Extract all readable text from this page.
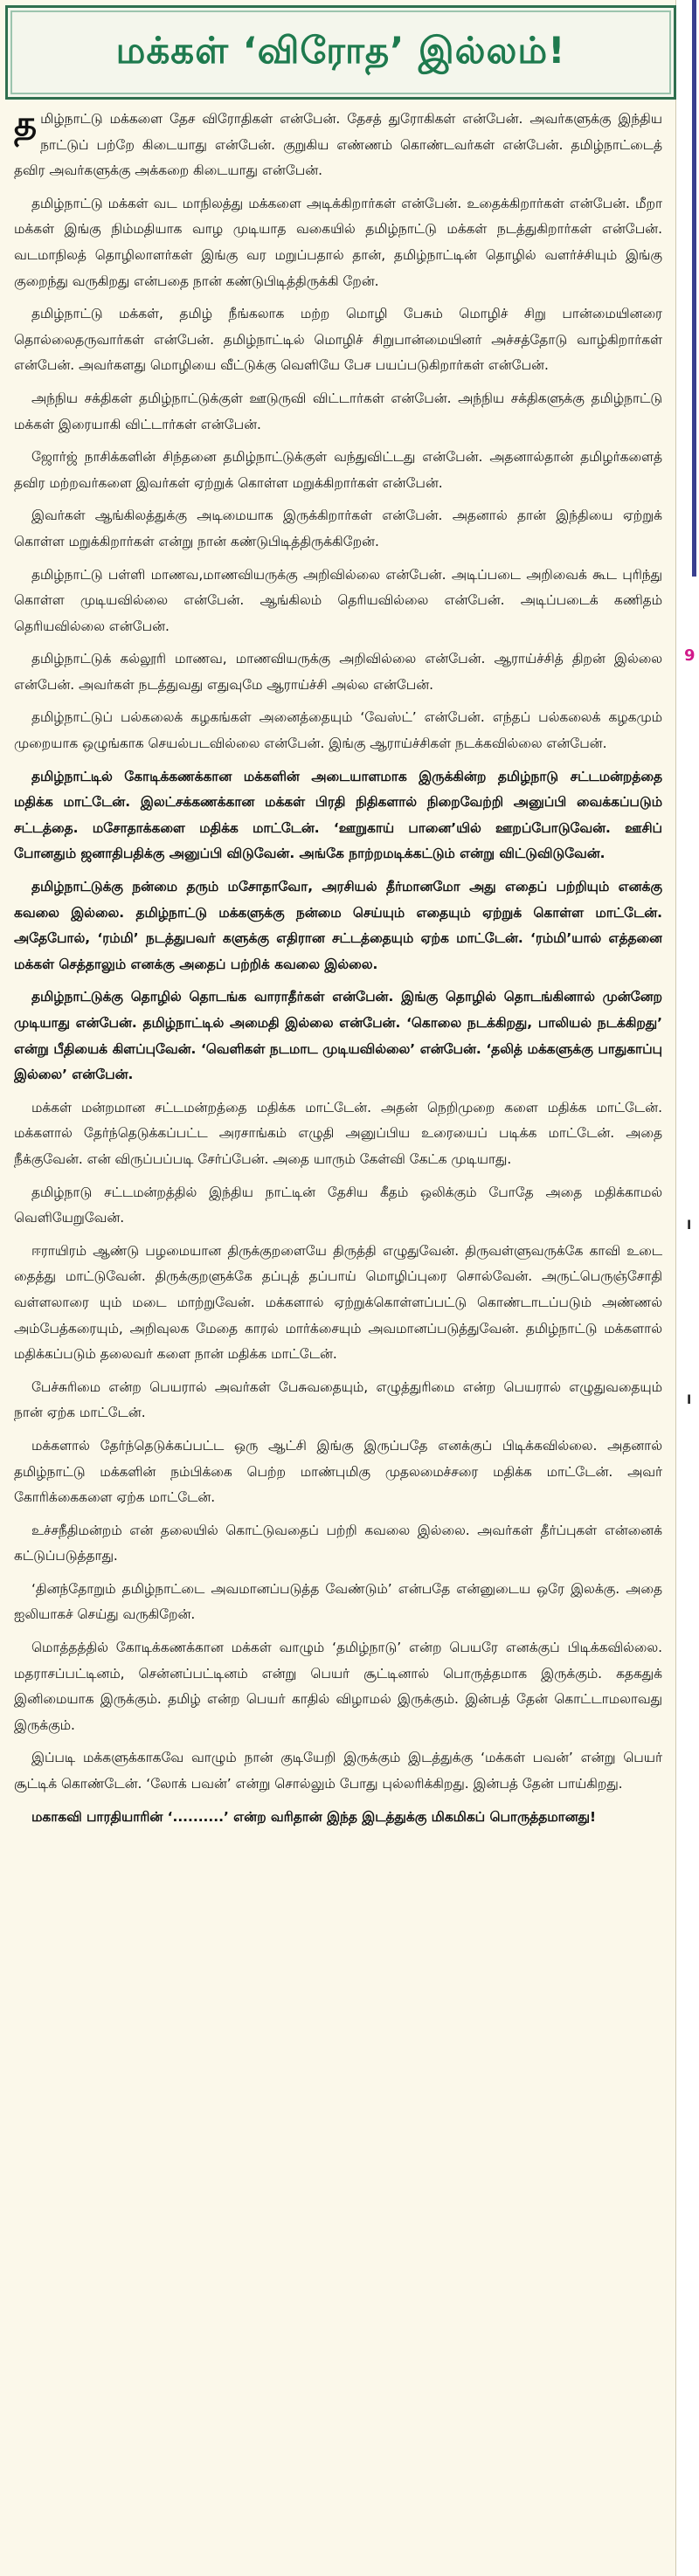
மக்கள் ‘விரோத’ இல்லம்!

தமிழ்நாட்டு மக்களை தேச விரோதிகள் என்பேன். தேசத் துரோகிகள் என்பேன். அவர்களுக்கு இந்திய நாட்டுப் பற்றே கிடையாது என்பேன். குறுகிய எண்ணம் கொண்டவர்கள் என்பேன். தமிழ்நாட்டைத் தவிர அவர்களுக்கு அக்கறை கிடையாது என்பேன்.

தமிழ்நாட்டு மக்கள் வட மாநிலத்து மக்களை அடிக்கிறார்கள் என்பேன். உதைக்கிறார்கள் என்பேன். மீறா மக்கள் இங்கு நிம்மதியாக வாழ முடியாத வகையில் தமிழ்நாட்டு மக்கள் நடத்துகிறார்கள் என்பேன். வடமாநிலத் தொழிலாளர்கள் இங்கு வர மறுப்பதால் தான், தமிழ்நாட்டின் தொழில் வளர்ச்சியும் இங்கு குறைந்து வருகிறது என்பதை நான் கண்டுபிடித்திருக்கி றேன்.

தமிழ்நாட்டு மக்கள், தமிழ் நீங்கலாக மற்ற மொழி பேசும் மொழிச் சிறு பான்மையினரை தொல்லைதருவார்கள் என்பேன். தமிழ்நாட்டில் மொழிச் சிறுபான்மையினர் அச்சத்தோடு வாழ்கிறார்கள் என்பேன். அவர்களது மொழியை வீட்டுக்கு வெளியே பேச பயப்படுகிறார்கள் என்பேன்.

அந்நிய சக்திகள் தமிழ்நாட்டுக்குள் ஊடுருவி விட்டார்கள் என்பேன். அந்நிய சக்திகளுக்கு தமிழ்நாட்டு மக்கள் இரையாகி விட்டார்கள் என்பேன்.

ஜோர்ஜ் நாசிக்களின் சிந்தனை தமிழ்நாட்டுக்குள் வந்துவிட்டது என்பேன். அதனால்தான் தமிழர்களைத் தவிர மற்றவர்களை இவர்கள் ஏற்றுக் கொள்ள மறுக்கிறார்கள் என்பேன்.

இவர்கள் ஆங்கிலத்துக்கு அடிமையாக இருக்கிறார்கள் என்பேன். அதனால் தான் இந்தியை ஏற்றுக் கொள்ள மறுக்கிறார்கள் என்று நான் கண்டுபிடித்திருக்கிறேன்.

தமிழ்நாட்டு பள்ளி மாணவ,மாணவியருக்கு அறிவில்லை என்பேன். அடிப்படை அறிவைக் கூட புரிந்து கொள்ள முடியவில்லை என்பேன். ஆங்கிலம் தெரியவில்லை என்பேன். அடிப்படைக் கணிதம் தெரியவில்லை என்பேன்.

தமிழ்நாட்டுக் கல்லூரி மாணவ, மாணவியருக்கு அறிவில்லை என்பேன். ஆராய்ச்சித் திறன் இல்லை என்பேன். அவர்கள் நடத்துவது எதுவுமே ஆராய்ச்சி அல்ல என்பேன்.

தமிழ்நாட்டுப் பல்கலைக் கழகங்கள் அனைத்தையும் ‘வேஸ்ட்’ என்பேன். எந்தப் பல்கலைக் கழகமும் முறையாக ஒழுங்காக செயல்படவில்லை என்பேன். இங்கு ஆராய்ச்சிகள் நடக்கவில்லை என்பேன்.

தமிழ்நாட்டில் கோடிக்கணக்கான மக்களின் அடையாளமாக இருக்கின்ற தமிழ்நாடு சட்டமன்றத்தை மதிக்க மாட்டேன். இலட்சக்கணக்கான மக்கள் பிரதி நிதிகளால் நிறைவேற்றி அனுப்பி வைக்கப்படும் சட்டத்தை. மசோதாக்களை மதிக்க மாட்டேன். ‘ஊறுகாய் பானை’யில் ஊறப்போடுவேன். ஊசிப் போனதும் ஜனாதிபதிக்கு அனுப்பி விடுவேன். அங்கே நாற்றமடிக்கட்டும் என்று விட்டுவிடுவேன்.

தமிழ்நாட்டுக்கு நன்மை தரும் மசோதாவோ, அரசியல் தீர்மானமோ அது எதைப் பற்றியும் எனக்கு கவலை இல்லை. தமிழ்நாட்டு மக்களுக்கு நன்மை செய்யும் எதையும் ஏற்றுக் கொள்ள மாட்டேன். அதேபோல், ‘ரம்மி’ நடத்துபவர் களுக்கு எதிரான சட்டத்தையும் ஏற்க மாட்டேன். ‘ரம்மி’யால் எத்தனை மக்கள் செத்தாலும் எனக்கு அதைப் பற்றிக் கவலை இல்லை.

தமிழ்நாட்டுக்கு தொழில் தொடங்க வாராதீர்கள் என்பேன். இங்கு தொழில் தொடங்கினால் முன்னேற முடியாது என்பேன். தமிழ்நாட்டில் அமைதி இல்லை என்பேன். ‘கொலை நடக்கிறது, பாலியல் நடக்கிறது’ என்று பீதியைக் கிளப்புவேன். ‘வெளிகள் நடமாட முடியவில்லை’ என்பேன். ‘தலித் மக்களுக்கு பாதுகாப்பு இல்லை’ என்பேன்.

மக்கள் மன்றமான சட்டமன்றத்தை மதிக்க மாட்டேன். அதன் நெறிமுறை களை மதிக்க மாட்டேன். மக்களால் தேர்ந்தெடுக்கப்பட்ட அரசாங்கம் எழுதி அனுப்பிய உரையைப் படிக்க மாட்டேன். அதை நீக்குவேன். என் விருப்பப்படி சேர்ப்பேன். அதை யாரும் கேள்வி கேட்க முடியாது.

தமிழ்நாடு சட்டமன்றத்தில் இந்திய நாட்டின் தேசிய கீதம் ஒலிக்கும் போதே அதை மதிக்காமல் வெளியேறுவேன்.

ஈராயிரம் ஆண்டு பழமையான திருக்குறளையே திருத்தி எழுதுவேன். திருவள்ளுவருக்கே காவி உடை தைத்து மாட்டுவேன். திருக்குறளுக்கே தப்புத் தப்பாய் மொழிப்புரை சொல்வேன். அருட்பெருஞ்சோதி வள்ளலாரை யும் மடை மாற்றுவேன். மக்களால் ஏற்றுக்கொள்ளப்பட்டு கொண்டாடப்படும் அண்ணல் அம்பேத்கரையும், அறிவுலக மேதை காரல் மார்க்சையும் அவமானப்படுத்துவேன். தமிழ்நாட்டு மக்களால் மதிக்கப்படும் தலைவர் களை நான் மதிக்க மாட்டேன்.

பேச்சுரிமை என்ற பெயரால் அவர்கள் பேசுவதையும், எழுத்துரிமை என்ற பெயரால் எழுதுவதையும் நான் ஏற்க மாட்டேன்.

மக்களால் தேர்ந்தெடுக்கப்பட்ட ஒரு ஆட்சி இங்கு இருப்பதே எனக்குப் பிடிக்கவில்லை. அதனால் தமிழ்நாட்டு மக்களின் நம்பிக்கை பெற்ற மாண்புமிகு முதலமைச்சரை மதிக்க மாட்டேன். அவர் கோரிக்கைகளை ஏற்க மாட்டேன்.

உச்சநீதிமன்றம் என் தலையில் கொட்டுவதைப் பற்றி கவலை இல்லை. அவர்கள் தீர்ப்புகள் என்னைக் கட்டுப்படுத்தாது.

‘தினந்தோறும் தமிழ்நாட்டை அவமானப்படுத்த வேண்டும்’ என்பதே என்னுடைய ஒரே இலக்கு. அதை ஐலியாகச் செய்து வருகிறேன்.

மொத்தத்தில் கோடிக்கணக்கான மக்கள் வாழும் ‘தமிழ்நாடு’ என்ற பெயரே எனக்குப் பிடிக்கவில்லை. மதராசப்பட்டினம், சென்னப்பட்டினம் என்று பெயர் சூட்டினால் பொருத்தமாக இருக்கும். கதகதுக் இனிமையாக இருக்கும். தமிழ் என்ற பெயர் காதில் விழாமல் இருக்கும். இன்பத் தேன் கொட்டாமலாவது இருக்கும்.

இப்படி மக்களுக்காகவே வாழும் நான் குடியேறி இருக்கும் இடத்துக்கு ‘மக்கள் பவன்’ என்று பெயர் சூட்டிக் கொண்டேன். ‘லோக் பவன்’ என்று சொல்லும் போது புல்லரிக்கிறது. இன்பத் தேன் பாய்கிறது.

மகாகவி பாரதியாரின் ‘..........’ என்ற வரிதான் இந்த இடத்துக்கு மிகமிகப் பொருத்தமானது!

9
I
I
